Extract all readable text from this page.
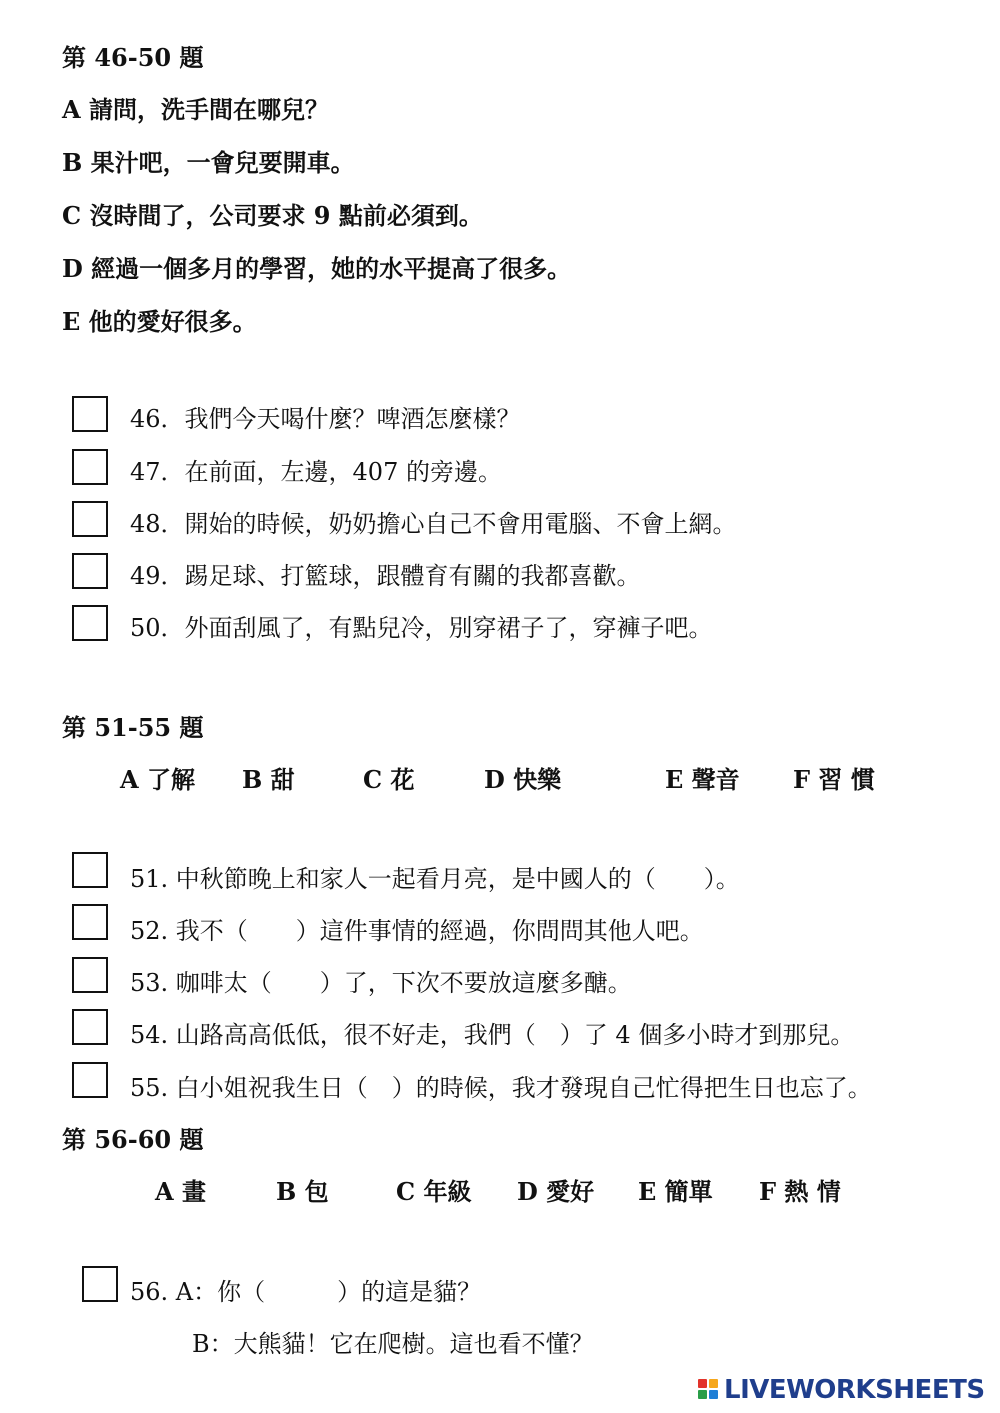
第 46-50 題
A 請問，洗手間在哪兒？
B 果汁吧，一會兒要開車。
C 沒時間了，公司要求 9 點前必須到。
D 經過一個多月的學習，她的水平提高了很多。
E 他的愛好很多。
46．我們今天喝什麼？啤酒怎麼樣？
47．在前面，左邊，407 的旁邊。
48．開始的時候，奶奶擔心自己不會用電腦、不會上網。
49．踢足球、打籃球，跟體育有關的我都喜歡。
50．外面刮風了，有點兒冷，別穿裙子了，穿褲子吧。
第 51-55 題
A 了解 B 甜	C 花	D 快樂	E 聲音 F 習 慣
51. 中秋節晚上和家人一起看月亮，是中國人的（　　）。
52. 我不（　　）這件事情的經過，你問問其他人吧。
53. 咖啡太（　　）了，下次不要放這麼多醣。
54. 山路高高低低，很不好走，我們（　）了 4 個多小時才到那兒。
55. 白小姐祝我生日（　）的時候，我才發現自己忙得把生日也忘了。
第 56-60 題
A 畫	B 包	C 年級 D 愛好 E 簡單 F 熱 情
56. A：你（　　　）的這是貓？
B：大熊貓！它在爬樹。這也看不懂？
LIVEWORKSHEETS
